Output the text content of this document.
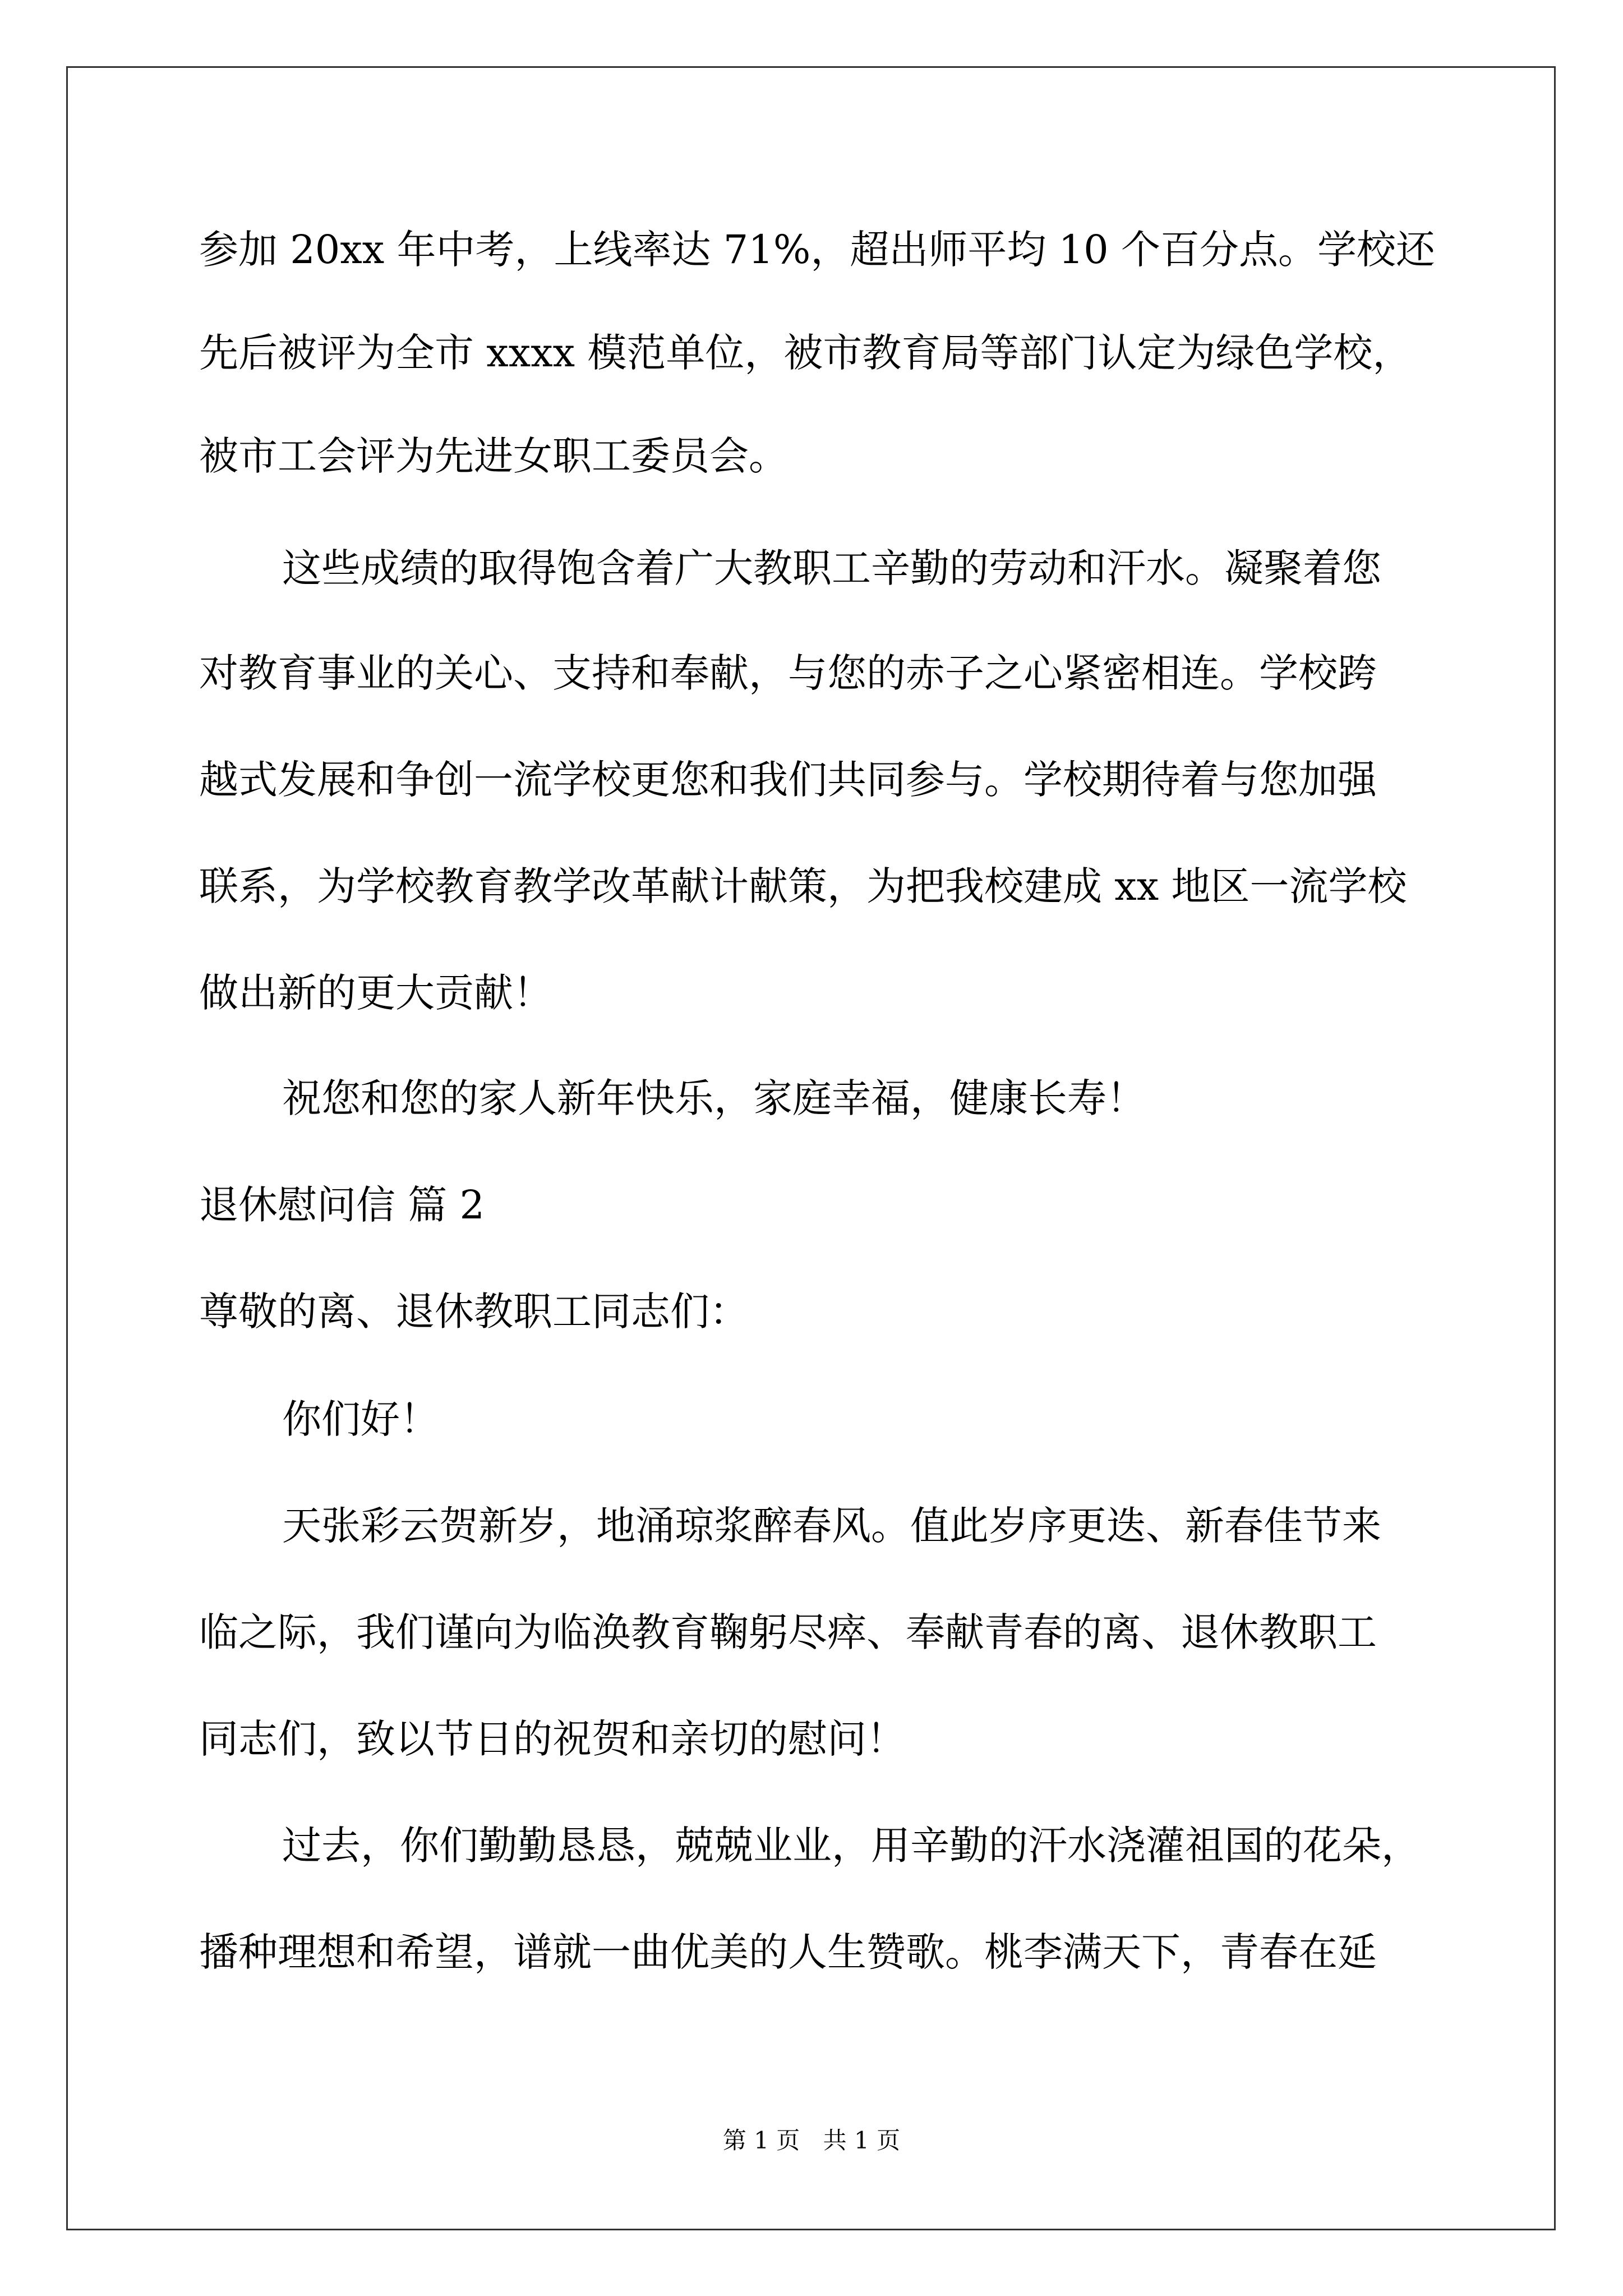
参加 20xx 年中考，上线率达 71%，超出师平均 10 个百分点。学校还
先后被评为全市 xxxx 模范单位，被市教育局等部门认定为绿色学校，
被市工会评为先进女职工委员会。
这些成绩的取得饱含着广大教职工辛勤的劳动和汗水。凝聚着您
对教育事业的关心、支持和奉献，与您的赤子之心紧密相连。学校跨
越式发展和争创一流学校更您和我们共同参与。学校期待着与您加强
联系，为学校教育教学改革献计献策，为把我校建成 xx 地区一流学校
做出新的更大贡献！
祝您和您的家人新年快乐，家庭幸福，健康长寿！
退休慰问信 篇 2
尊敬的离、退休教职工同志们：
你们好！
天张彩云贺新岁，地涌琼浆醉春风。值此岁序更迭、新春佳节来
临之际，我们谨向为临涣教育鞠躬尽瘁、奉献青春的离、退休教职工
同志们，致以节日的祝贺和亲切的慰问！
过去，你们勤勤恳恳，兢兢业业，用辛勤的汗水浇灌祖国的花朵，
播种理想和希望，谱就一曲优美的人生赞歌。桃李满天下，青春在延
第 1 页 共 1 页
